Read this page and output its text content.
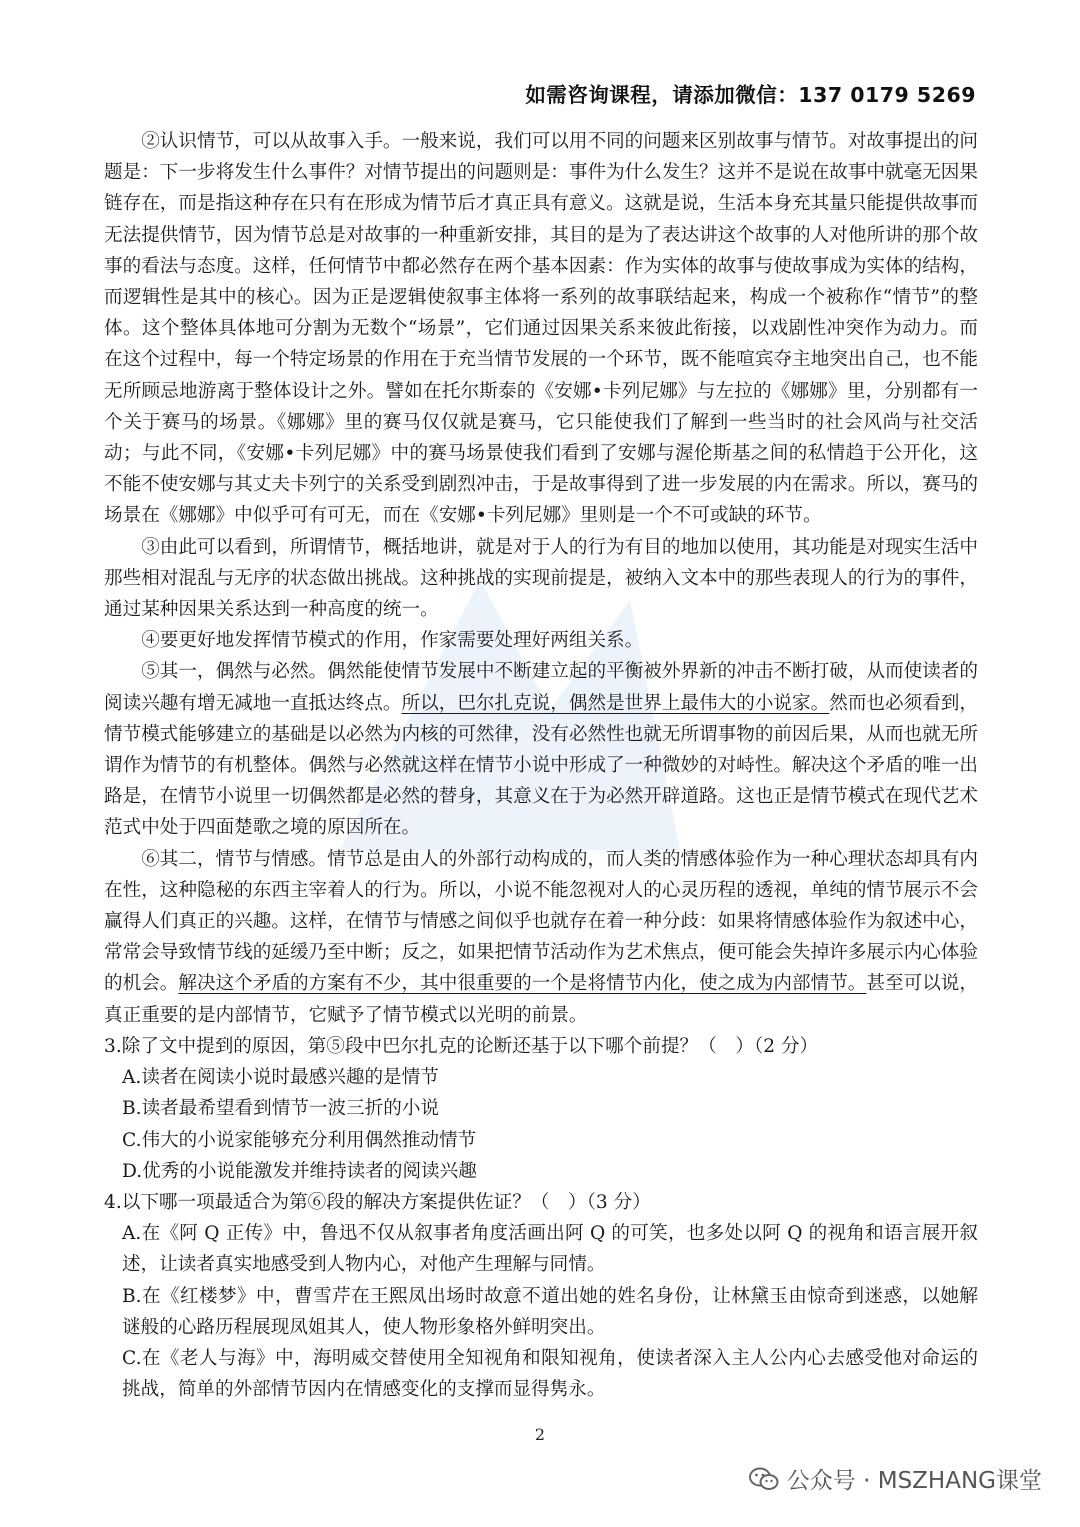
如需咨询课程，请添加微信：137 0179 5269

②认识情节，可以从故事入手。一般来说，我们可以用不同的问题来区别故事与情节。对故事提出的问题是：下一步将发生什么事件？对情节提出的问题则是：事件为什么发生？这并不是说在故事中就毫无因果链存在，而是指这种存在只有在形成为情节后才真正具有意义。这就是说，生活本身充其量只能提供故事而无法提供情节，因为情节总是对故事的一种重新安排，其目的是为了表达讲这个故事的人对他所讲的那个故事的看法与态度。这样，任何情节中都必然存在两个基本因素：作为实体的故事与使故事成为实体的结构，而逻辑性是其中的核心。因为正是逻辑使叙事主体将一系列的故事联结起来，构成一个被称作“情节”的整体。这个整体具体地可分割为无数个“场景”，它们通过因果关系来彼此衔接，以戏剧性冲突作为动力。而在这个过程中，每一个特定场景的作用在于充当情节发展的一个环节，既不能喧宾夺主地突出自己，也不能无所顾忌地游离于整体设计之外。譬如在托尔斯泰的《安娜•卡列尼娜》与左拉的《娜娜》里，分别都有一个关于赛马的场景。《娜娜》里的赛马仅仅就是赛马，它只能使我们了解到一些当时的社会风尚与社交活动；与此不同，《安娜•卡列尼娜》中的赛马场景使我们看到了安娜与渥伦斯基之间的私情趋于公开化，这不能不使安娜与其丈夫卡列宁的关系受到剧烈冲击，于是故事得到了进一步发展的内在需求。所以，赛马的场景在《娜娜》中似乎可有可无，而在《安娜•卡列尼娜》里则是一个不可或缺的环节。

③由此可以看到，所谓情节，概括地讲，就是对于人的行为有目的地加以使用，其功能是对现实生活中那些相对混乱与无序的状态做出挑战。这种挑战的实现前提是，被纳入文本中的那些表现人的行为的事件，通过某种因果关系达到一种高度的统一。

④要更好地发挥情节模式的作用，作家需要处理好两组关系。

⑤其一，偶然与必然。偶然能使情节发展中不断建立起的平衡被外界新的冲击不断打破，从而使读者的阅读兴趣有增无减地一直抵达终点。所以，巴尔扎克说，偶然是世界上最伟大的小说家。然而也必须看到，情节模式能够建立的基础是以必然为内核的可然律，没有必然性也就无所谓事物的前因后果，从而也就无所谓作为情节的有机整体。偶然与必然就这样在情节小说中形成了一种微妙的对峙性。解决这个矛盾的唯一出路是，在情节小说里一切偶然都是必然的替身，其意义在于为必然开辟道路。这也正是情节模式在现代艺术范式中处于四面楚歌之境的原因所在。

⑥其二，情节与情感。情节总是由人的外部行动构成的，而人类的情感体验作为一种心理状态却具有内在性，这种隐秘的东西主宰着人的行为。所以，小说不能忽视对人的心灵历程的透视，单纯的情节展示不会赢得人们真正的兴趣。这样，在情节与情感之间似乎也就存在着一种分歧：如果将情感体验作为叙述中心，常常会导致情节线的延缓乃至中断；反之，如果把情节活动作为艺术焦点，便可能会失掉许多展示内心体验的机会。解决这个矛盾的方案有不少，其中很重要的一个是将情节内化，使之成为内部情节。甚至可以说，真正重要的是内部情节，它赋予了情节模式以光明的前景。

3.除了文中提到的原因，第⑤段中巴尔扎克的论断还基于以下哪个前提？（　）（2 分）

A.读者在阅读小说时最感兴趣的是情节

B.读者最希望看到情节一波三折的小说

C.伟大的小说家能够充分利用偶然推动情节

D.优秀的小说能激发并维持读者的阅读兴趣

4.以下哪一项最适合为第⑥段的解决方案提供佐证？（　）（3 分）

A.在《阿 Q 正传》中，鲁迅不仅从叙事者角度活画出阿 Q 的可笑，也多处以阿 Q 的视角和语言展开叙述，让读者真实地感受到人物内心，对他产生理解与同情。

B.在《红楼梦》中，曹雪芹在王熙凤出场时故意不道出她的姓名身份，让林黛玉由惊奇到迷惑，以她解谜般的心路历程展现凤姐其人，使人物形象格外鲜明突出。

C.在《老人与海》中，海明威交替使用全知视角和限知视角，使读者深入主人公内心去感受他对命运的挑战，简单的外部情节因内在情感变化的支撑而显得隽永。

2
公众号 · MSZHANG课堂
